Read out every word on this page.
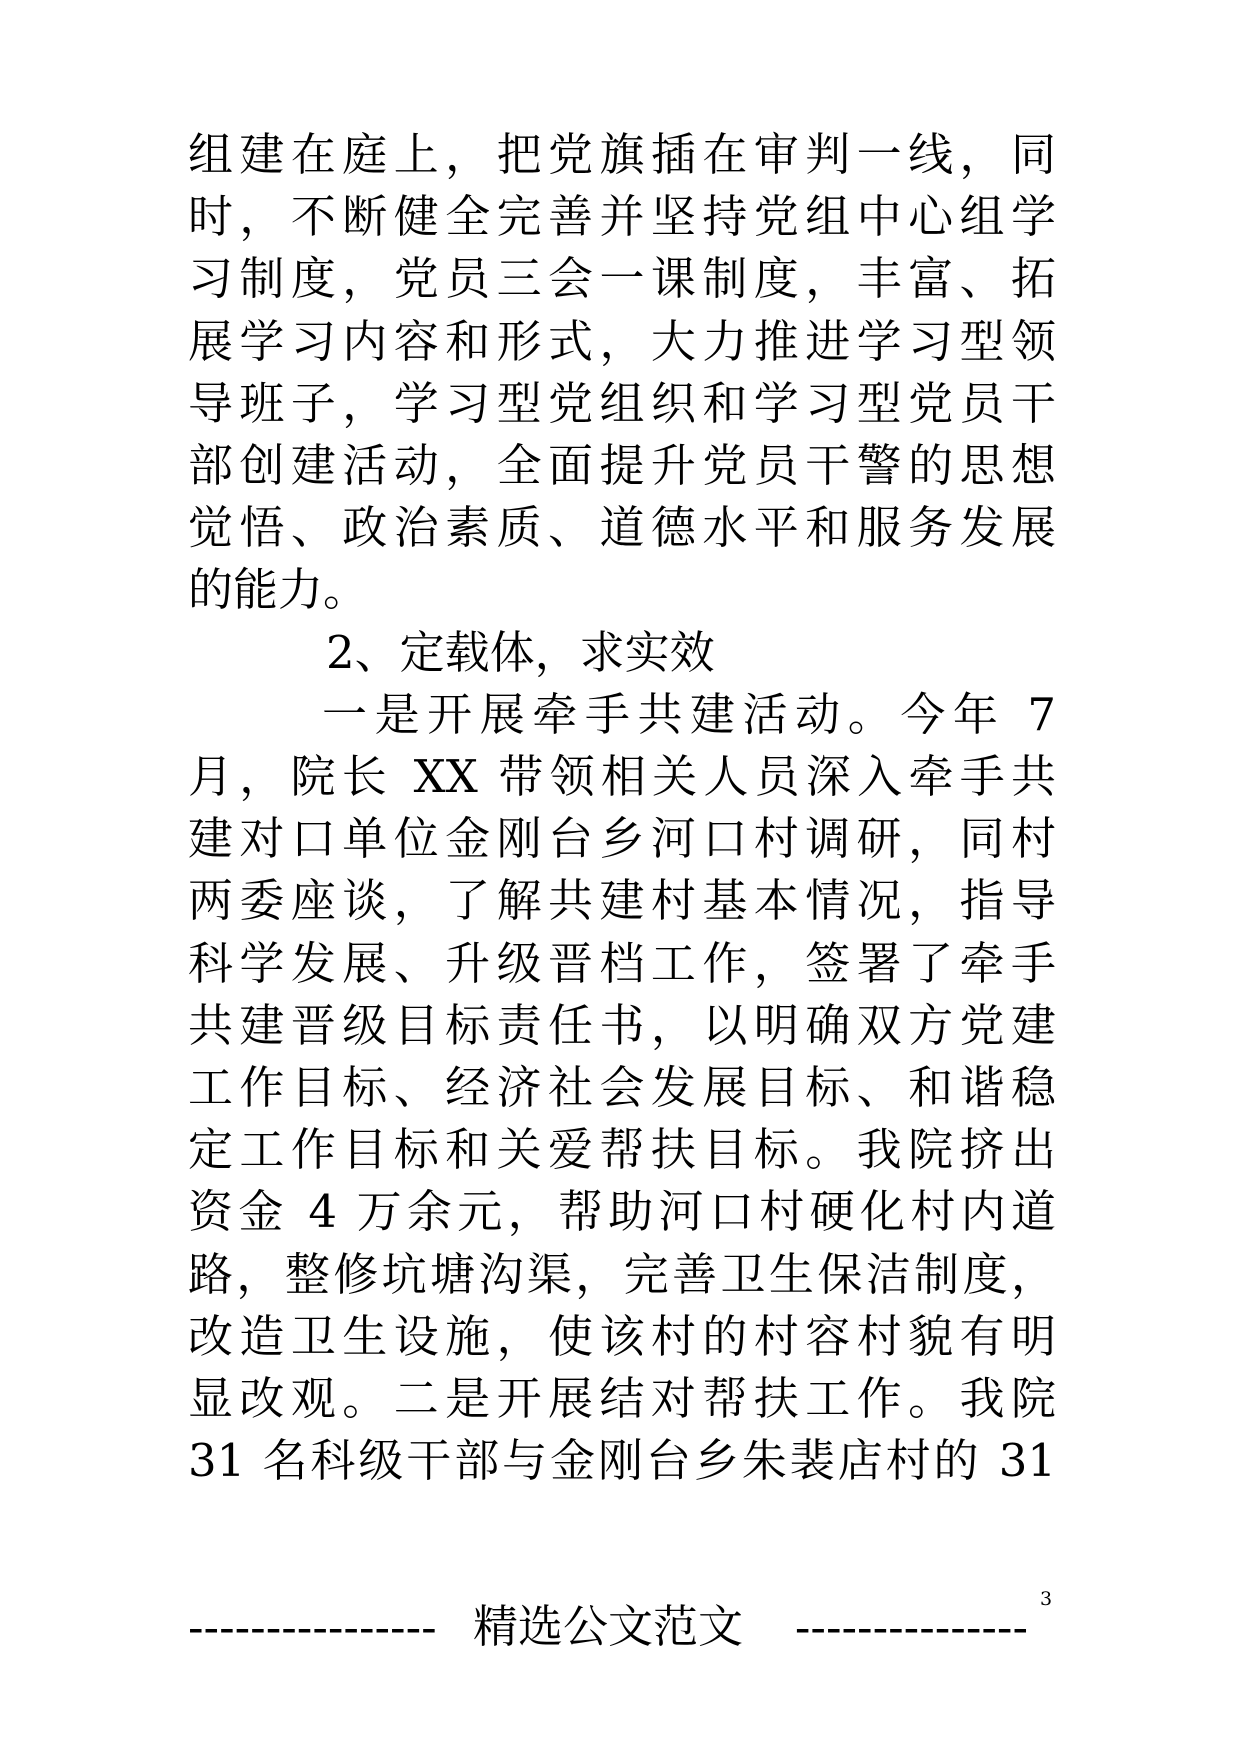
组建在庭上，把党旗插在审判一线，同
时，不断健全完善并坚持党组中心组学
习制度，党员三会一课制度，丰富、拓
展学习内容和形式，大力推进学习型领
导班子，学习型党组织和学习型党员干
部创建活动，全面提升党员干警的思想
觉悟、政治素质、道德水平和服务发展
的能力。
2、定载体，求实效
一是开展牵手共建活动。今年 7
月，院长 XX 带领相关人员深入牵手共
建对口单位金刚台乡河口村调研，同村
两委座谈，了解共建村基本情况，指导
科学发展、升级晋档工作，签署了牵手
共建晋级目标责任书，以明确双方党建
工作目标、经济社会发展目标、和谐稳
定工作目标和关爱帮扶目标。我院挤出
资金 4 万余元，帮助河口村硬化村内道
路，整修坑塘沟渠，完善卫生保洁制度，
改造卫生设施，使该村的村容村貌有明
显改观。二是开展结对帮扶工作。我院
31 名科级干部与金刚台乡朱裴店村的 31
---------------- 精选公文范文	---------------
3
